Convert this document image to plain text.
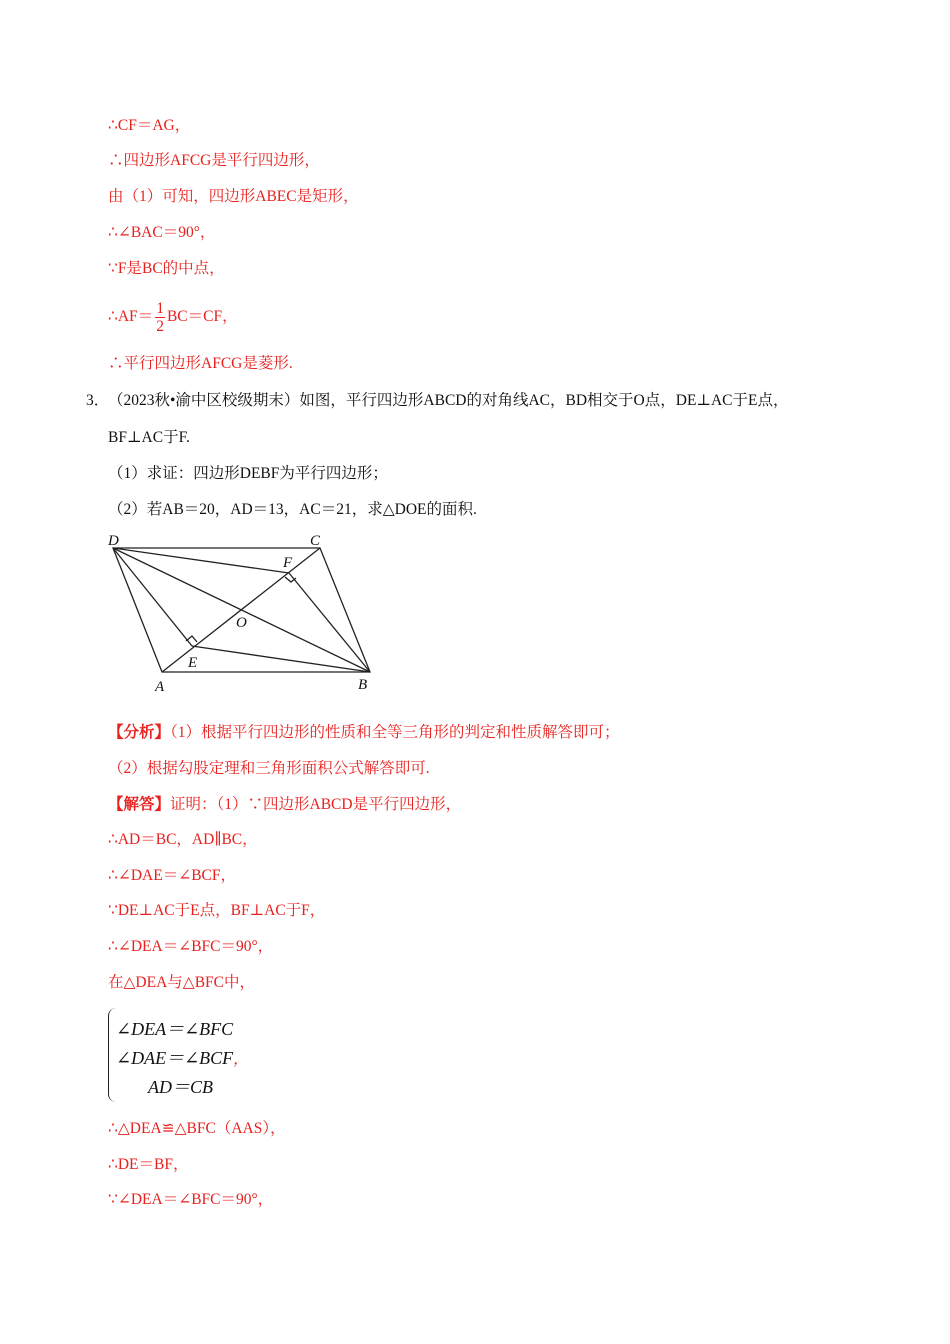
∴CF＝AG，
∴四边形AFCG是平行四边形，
由（1）可知，四边形ABEC是矩形，
∴∠BAC＝90°，
∵F是BC的中点，
∴AF＝ $\frac{1}{2} BC=CF$，
∴平行四边形AFCG是菱形.
3．
（2023秋•渝中区校级期末）如图，平行四边形ABCD的对角线AC，BD相交于O点，DE⊥AC于E点，
BF⊥AC于F.
（1）求证：四边形DEBF为平行四边形；
（2）若AB＝20，AD＝13，AC＝21，求△DOE的面积.
D	C
F
O
E
A	B
【分析】（1）根据平行四边形的性质和全等三角形的判定和性质解答即可；
（2）根据勾股定理和三角形面积公式解答即可.
【解答】证明：（1）∵四边形ABCD是平行四边形，
∴AD＝BC，AD∥BC，
∴∠DAE＝∠BCF，
∵DE⊥AC于E点，BF⊥AC于F，
∴∠DEA＝∠BFC＝90°，
在△DEA与△BFC中，
∠DEA＝∠BFC
∠DAE＝∠BCF，
AD＝CB
∴△DEA≌△BFC（AAS），
∴DE＝BF，
∵∠DEA＝∠BFC＝90°，
